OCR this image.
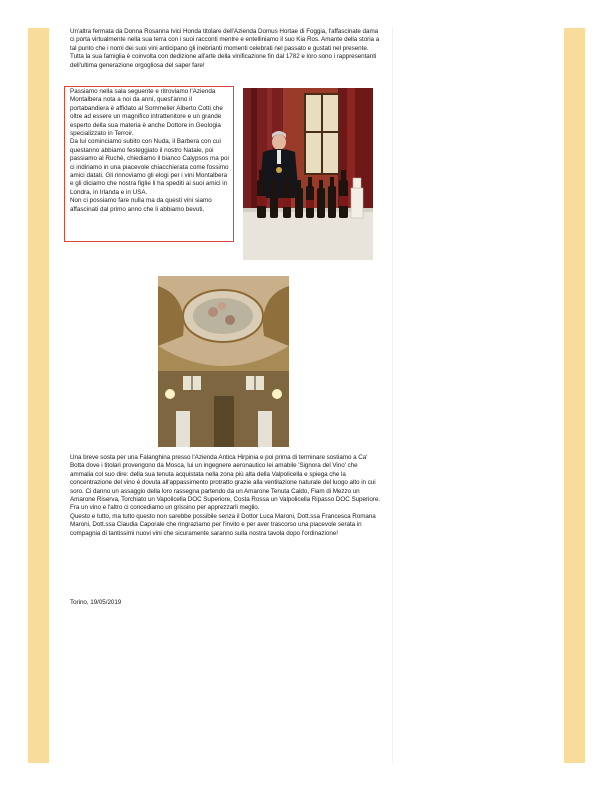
Un'altra fermata da Donna Rosanna Ivici Honda titolare dell'Azienda Domus Hortae di Foggia, l'affascinate dama ci porta virtualmente nella sua terra con i suoi racconti mentre e entelliniamo il suo Kia Ros. Amante della storia a tal punto che i nomi dei suoi vini anticipano gli inebrianti momenti celebrati nel passato e gustati nel presente.

Tutta la sua famiglia è coinvolta con dedizione all'arte della vinificazione fin dal 1782 e loro sono i rappresentanti dell'ultima generazione orgogliosa del saper fare!

Passiamo nella sala seguente e ritroviamo l'Azienda Montalbera nota a noi da anni, quest'anno il portabandiera è affidato al Sommelier Alberto Cotti che oltre ad essere un magnifico intrattenitore e un grande esperto della sua materia è anche Dottore in Geologia specializzato in Terroir.

Da lui cominciamo subito con Nuda, il Barbera con cui questanno abbiamo festeggiato il nostro Natale, poi passiamo al Ruchè, chiediamo il bianco Calypsos ma poi ci indiriamo in una piacevole chiacchierata come fossimo amici datati. Gli rinnoviamo gli elogi per i vini Montalbera e gli diciamo che nostra figlie li ha spediti ai suoi amici in Londra, in Irlanda e in USA.

Non ci possiamo fare nulla ma da questi vini siamo affascinati dal primo anno che li abbiamo bevuti.

Una breve sosta per una Falanghina presso l'Azienda Antica Hirpinia e poi prima di terminare sostiamo a Ca' Botta dove i titolari provengono da Mosca, lui un ingegnere aeronautico lei amabile 'Signora del Vino' che ammalia col suo dire: della sua tenuta acquistata nella zona più alta della Valpolicella e spiega che la concentrazione del vino è dovuta all'appassimento protratto grazie alla ventilazione naturale del luogo alto in cui soro. Ci danno un assaggio della loro rassegna partendo da un Amarone Tenuta Caldo, Fiam di Mezzo un Amarone Riserva, Torchiato un Vapolicella DOC Superiore, Costa Rossa un Valpolicella Ripasso DOC Superiore. Fra un vino e l'altro ci concediamo un grissino per apprezzarli meglio.

Questo e tutto, ma tutto questo non sarebbe possibile senza il Dottor Luca Maroni, Dott.ssa Francesca Romana Maroni, Dott.ssa Claudia Caporale che ringraziamo per l'invito e per aver trascorso una piacevole serata in compagnia di tantissimi nuovi vini che sicuramente saranno sulla nostra tavola dopo l'ordinazione!

Torino, 19/05/2019
